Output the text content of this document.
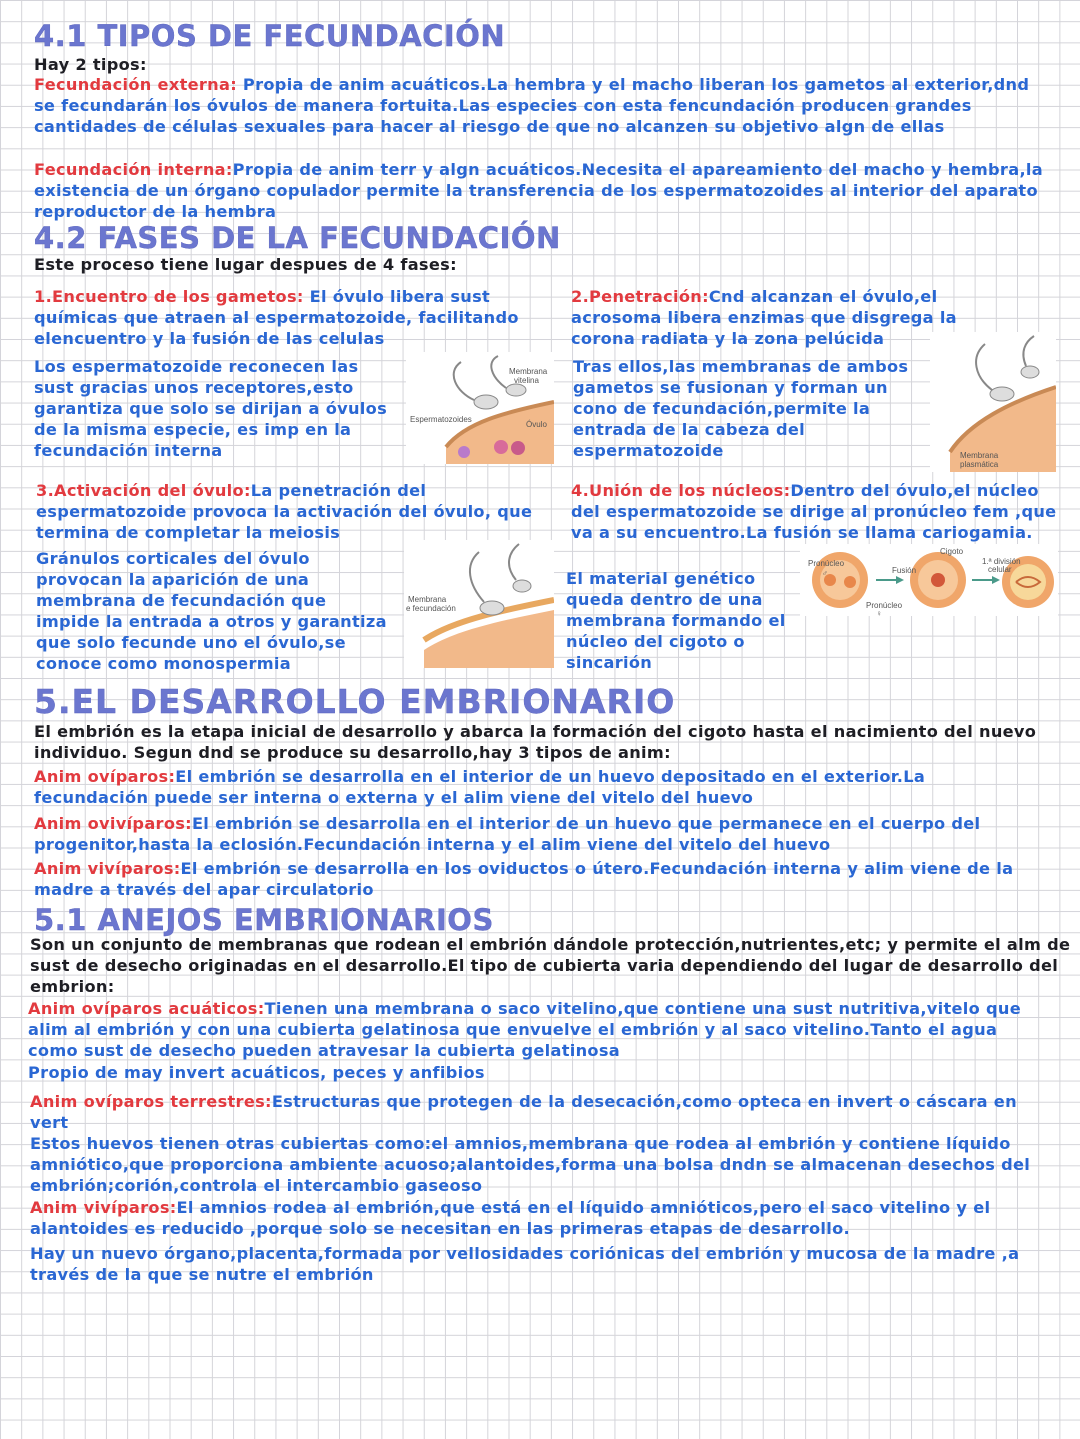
4.1 TIPOS DE FECUNDACIÓN

Hay 2 tipos:

Fecundación externa: Propia de anim acuáticos.La hembra y el macho liberan los gametos al exterior,dnd se fecundarán los óvulos de manera fortuita.Las especies con esta fencundación producen grandes cantidades de células sexuales para hacer al riesgo de que no alcanzen su objetivo algn de ellas

Fecundación interna:Propia de anim terr y algn acuáticos.Necesita el apareamiento del macho y hembra,la existencia de un órgano copulador permite la transferencia de los espermatozoides al interior del aparato reproductor de la hembra

4.2 FASES DE LA FECUNDACIÓN

Este proceso tiene lugar despues de 4 fases:

1.Encuentro de los gametos: El óvulo libera sust químicas que atraen al espermatozoide, facilitando elencuentro y la fusión de las celulas

Los espermatozoide reconecen las sust gracias unos receptores,esto garantiza que solo se dirijan a óvulos de la misma especie, es imp en la fecundación interna

Membrana
vitelina
Espermatozoides
Óvulo

2.Penetración:Cnd alcanzan el óvulo,el acrosoma libera enzimas que disgrega la corona radiata y la zona pelúcida

Tras ellos,las membranas de ambos gametos se fusionan y forman un cono de fecundación,permite la entrada de la cabeza del espermatozoide	Membrana
plasmática

3.Activación del óvulo:La penetración del espermatozoide provoca la activación del óvulo, que termina de completar la meiosis

Gránulos corticales del óvulo provocan la aparición de una membrana de fecundación que impide la entrada a otros y garantiza que solo fecunde uno el óvulo,se conoce como monospermia

Membrana
e fecundación

4.Unión de los núcleos:Dentro del óvulo,el núcleo del espermatozoide se dirige al pronúcleo fem ,que va a su encuentro.La fusión se llama cariogamia.

El material genético queda dentro de una membrana formando el núcleo del cigoto o sincarión

Pronúcleo
♂	Fusión
Cigoto
1.ª división
celular
Pronúcleo
♀
5.EL DESARROLLO EMBRIONARIO

El embrión es la etapa inicial de desarrollo y abarca la formación del cigoto hasta el nacimiento del nuevo individuo. Segun dnd se produce su desarrollo,hay 3 tipos de anim:

Anim ovíparos:El embrión se desarrolla en el interior de un huevo depositado en el exterior.La fecundación puede ser interna o externa y el alim viene del vitelo del huevo

Anim ovivíparos:El embrión se desarrolla en el interior de un huevo que permanece en el cuerpo del progenitor,hasta la eclosión.Fecundación interna y el alim viene del vitelo del huevo

Anim vivíparos:El embrión se desarrolla en los oviductos o útero.Fecundación interna y alim viene de la madre a través del apar circulatorio

5.1 ANEJOS EMBRIONARIOS

Son un conjunto de membranas que rodean el embrión dándole protección,nutrientes,etc; y permite el alm de sust de desecho originadas en el desarrollo.El tipo de cubierta varia dependiendo del lugar de desarrollo del embrion:

Anim ovíparos acuáticos:Tienen una membrana o saco vitelino,que contiene una sust nutritiva,vitelo que alim al embrión y con una cubierta gelatinosa que envuelve el embrión y al saco vitelino.Tanto el agua como sust de desecho pueden atravesar la cubierta gelatinosa

Propio de may invert acuáticos, peces y anfibios

Anim ovíparos terrestres:Estructuras que protegen de la desecación,como opteca en invert o cáscara en vert

Estos huevos tienen otras cubiertas como:el amnios,membrana que rodea al embrión y contiene líquido amniótico,que proporciona ambiente acuoso;alantoides,forma una bolsa dndn se almacenan desechos del embrión;corión,controla el intercambio gaseoso

Anim vivíparos:El amnios rodea al embrión,que está en el líquido amnióticos,pero el saco vitelino y el alantoides es reducido ,porque solo se necesitan en las primeras etapas de desarrollo.

Hay un nuevo órgano,placenta,formada por vellosidades coriónicas del embrión y mucosa de la madre ,a través de la que se nutre el embrión
